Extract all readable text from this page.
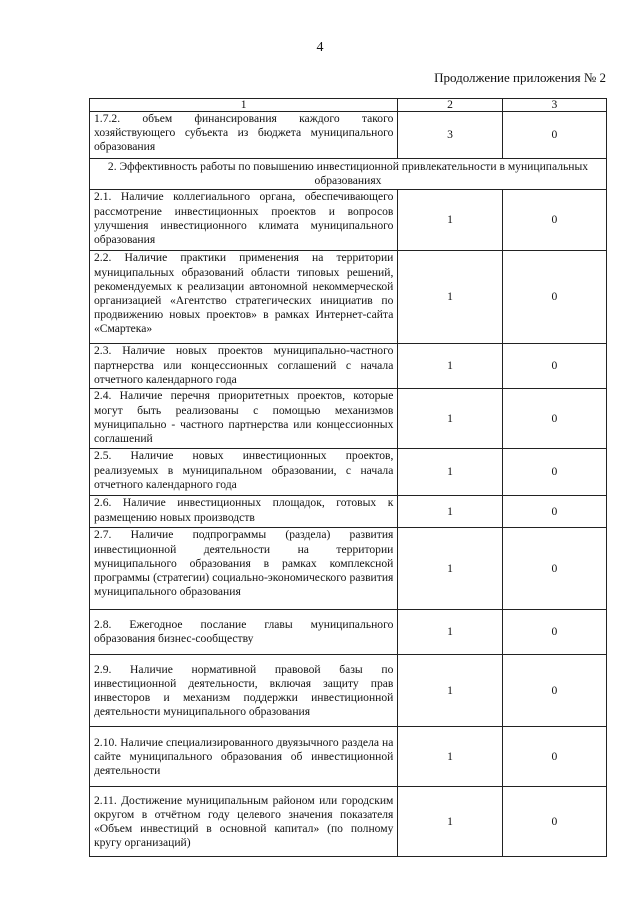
4
Продолжение приложения № 2
1	2	3
1.7.2. объем финансирования каждого такого хозяйствующего субъекта из бюджета муниципального образования	3	0
2. Эффективность работы по повышению инвестиционной привлекательности в муниципальных образованиях		
2.1. Наличие коллегиального органа, обеспечивающего рассмотрение инвестиционных проектов и вопросов улучшения инвестиционного климата муниципального образования	1	0
2.2. Наличие практики применения на территории муниципальных образований области типовых решений, рекомендуемых к реализации автономной некоммерческой организацией «Агентство стратегических инициатив по продвижению новых проектов» в рамках Интернет-сайта «Смартека»	1	0
2.3. Наличие новых проектов муниципально-частного партнерства или концессионных соглашений с начала отчетного календарного года	1	0
2.4. Наличие перечня приоритетных проектов, которые могут быть реализованы с помощью механизмов муниципально - частного партнерства или концессионных соглашений	1	0
2.5. Наличие новых инвестиционных проектов, реализуемых в муниципальном образовании, с начала отчетного календарного года	1	0
2.6. Наличие инвестиционных площадок, готовых к размещению новых производств	1	0
2.7. Наличие подпрограммы (раздела) развития инвестиционной деятельности на территории муниципального образования в рамках комплексной программы (стратегии) социально-экономического развития муниципального образования	1	0
2.8. Ежегодное послание главы муниципального образования бизнес-сообществу	1	0
2.9. Наличие нормативной правовой базы по инвестиционной деятельности, включая защиту прав инвесторов и механизм поддержки инвестиционной деятельности муниципального образования	1	0
2.10. Наличие специализированного двуязычного раздела на сайте муниципального образования об инвестиционной деятельности	1	0
2.11. Достижение муниципальным районом или городским округом в отчётном году целевого значения показателя «Объем инвестиций в основной капитал» (по полному кругу организаций)	1	0
